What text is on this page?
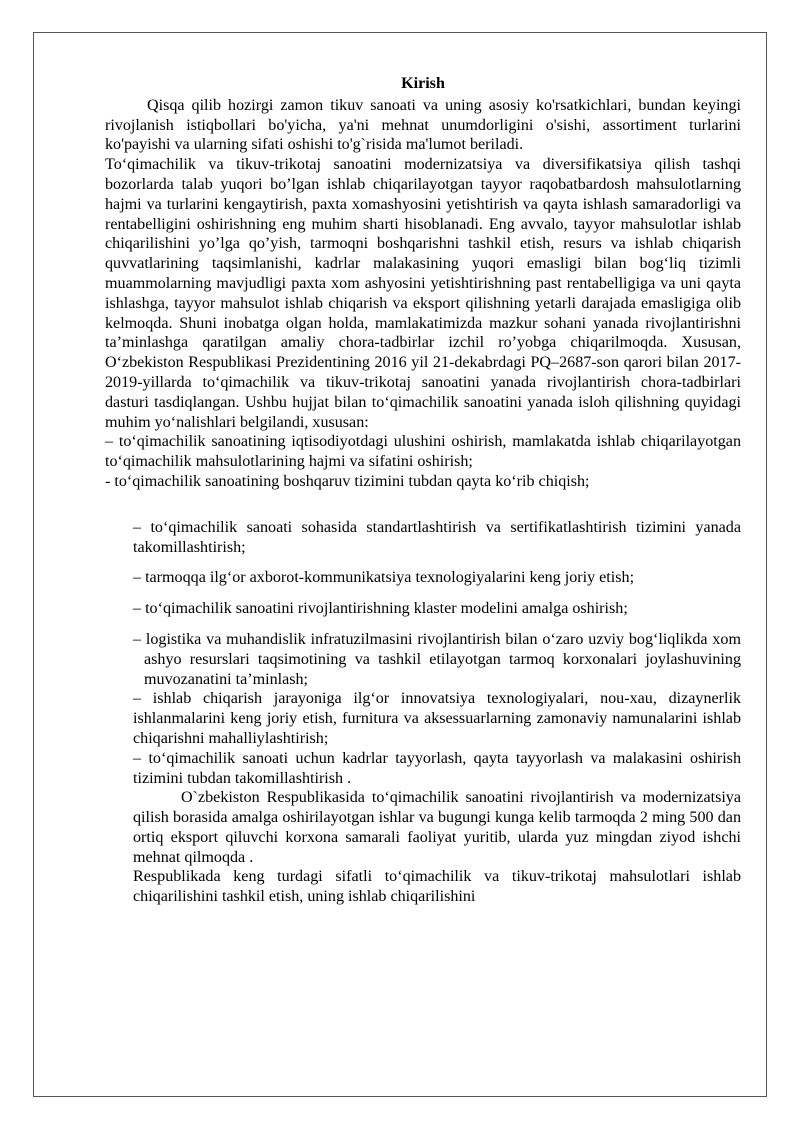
Kirish

Qisqa qilib hozirgi zamon tikuv sanoati va uning asosiy ko'rsatkichlari, bundan keyingi rivojlanish istiqbollari bo'yicha, ya'ni mehnat unumdorligini o'sishi, assortiment turlarini ko'payishi va ularning sifati oshishi to'g`risida ma'lumot beriladi.

To‘qimachilik va tikuv-trikotaj sanoatini modernizatsiya va diversifikatsiya qilish tashqi bozorlarda talab yuqori bo’lgan ishlab chiqarilayotgan tayyor raqobatbardosh mahsulotlarning hajmi va turlarini kengaytirish, paxta xomashyosini yetishtirish va qayta ishlash samaradorligi va rentabelligini oshirishning eng muhim sharti hisoblanadi. Eng avvalo, tayyor mahsulotlar ishlab chiqarilishini yo’lga qo’yish, tarmoqni boshqarishni tashkil etish, resurs va ishlab chiqarish quvvatlarining taqsimlanishi, kadrlar malakasining yuqori emasligi bilan bog‘liq tizimli muammolarning mavjudligi paxta xom ashyosini yetishtirishning past rentabelligiga va uni qayta ishlashga, tayyor mahsulot ishlab chiqarish va eksport qilishning yetarli darajada emasligiga olib kelmoqda. Shuni inobatga olgan holda, mamlakatimizda mazkur sohani yanada rivojlantirishni ta’minlashga qaratilgan amaliy chora-tadbirlar izchil ro’yobga chiqarilmoqda. Xususan, O‘zbekiston Respublikasi Prezidentining 2016 yil 21-dekabrdagi PQ–2687-son qarori bilan 2017-2019-yillarda to‘qimachilik va tikuv-trikotaj sanoatini yanada rivojlantirish chora-tadbirlari dasturi tasdiqlangan. Ushbu hujjat bilan to‘qimachilik sanoatini yanada isloh qilishning quyidagi muhim yo‘nalishlari belgilandi, xususan:

– to‘qimachilik sanoatining iqtisodiyotdagi ulushini oshirish, mamlakatda ishlab chiqarilayotgan to‘qimachilik mahsulotlarining hajmi va sifatini oshirish;

- to‘qimachilik sanoatining boshqaruv tizimini tubdan qayta ko‘rib chiqish;

– to‘qimachilik sanoati sohasida standartlashtirish va sertifikatlashtirish tizimini yanada takomillashtirish;

– tarmoqqa ilg‘or axborot-kommunikatsiya texnologiyalarini keng joriy etish;

– to‘qimachilik sanoatini rivojlantirishning klaster modelini amalga oshirish;

– logistika va muhandislik infratuzilmasini rivojlantirish bilan o‘zaro uzviy bog‘liqlikda xom ashyo resurslari taqsimotining va tashkil etilayotgan tarmoq korxonalari joylashuvining muvozanatini ta’minlash;

– ishlab chiqarish jarayoniga ilg‘or innovatsiya texnologiyalari, nou-xau, dizaynerlik ishlanmalarini keng joriy etish, furnitura va aksessuarlarning zamonaviy namunalarini ishlab chiqarishni mahalliylashtirish;

– to‘qimachilik sanoati uchun kadrlar tayyorlash, qayta tayyorlash va malakasini oshirish tizimini tubdan takomillashtirish .

O`zbekiston Respublikasida to‘qimachilik sanoatini rivojlantirish va modernizatsiya qilish borasida amalga oshirilayotgan ishlar va bugungi kunga kelib tarmoqda 2 ming 500 dan ortiq eksport qiluvchi korxona samarali faoliyat yuritib, ularda yuz mingdan ziyod ishchi mehnat qilmoqda .

Respublikada keng turdagi sifatli to‘qimachilik va tikuv-trikotaj mahsulotlari ishlab chiqarilishini tashkil etish, uning ishlab chiqarilishini
